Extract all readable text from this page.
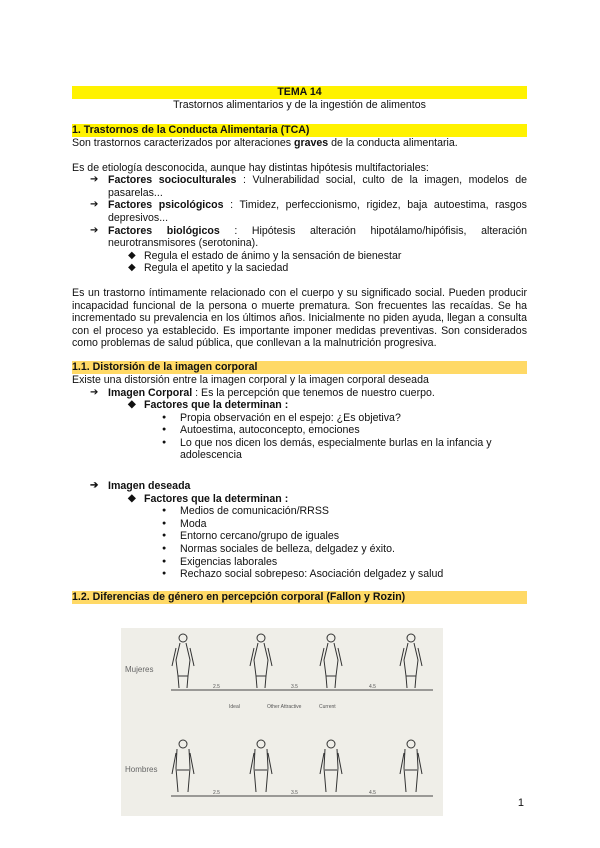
TEMA 14
Trastornos alimentarios y de la ingestión de alimentos
1. Trastornos de la Conducta Alimentaria (TCA)

Son trastornos caracterizados por alteraciones graves de la conducta alimentaria.

Es de etiología desconocida, aunque hay distintas hipótesis multifactoriales:

➔ Factores socioculturales : Vulnerabilidad social, culto de la imagen, modelos de pasarelas...
➔ Factores psicológicos : Timidez, perfeccionismo, rigidez, baja autoestima, rasgos depresivos...
➔ Factores biológicos : Hipótesis alteración hipotálamo/hipófisis, alteración neurotransmisores (serotonina).
◆ Regula el estado de ánimo y la sensación de bienestar
◆ Regula el apetito y la saciedad

Es un trastorno íntimamente relacionado con el cuerpo y su significado social. Pueden producir incapacidad funcional de la persona o muerte prematura. Son frecuentes las recaídas. Se ha incrementado su prevalencia en los últimos años. Inicialmente no piden ayuda, llegan a consulta con el proceso ya establecido. Es importante imponer medidas preventivas. Son considerados como problemas de salud pública, que conllevan a la malnutrición progresiva.

1.1. Distorsión de la imagen corporal

Existe una distorsión entre la imagen corporal y la imagen corporal deseada

➔ Imagen Corporal : Es la percepción que tenemos de nuestro cuerpo.
◆ Factores que la determinan :
● Propia observación en el espejo: ¿Es objetiva?
● Autoestima, autoconcepto, emociones
● Lo que nos dicen los demás, especialmente burlas en la infancia y adolescencia
➔ Imagen deseada
◆ Factores que la determinan :
● Medios de comunicación/RRSS
● Moda
● Entorno cercano/grupo de iguales
● Normas sociales de belleza, delgadez y éxito.
● Exigencias laborales
● Rechazo social sobrepeso: Asociación delgadez y salud
1.2. Diferencias de género en percepción corporal (Fallon y Rozin)
Mujeres
2.5	3.5	4.5
Ideal	Other Attractive	Current
Hombres
2.5	3.5	4.5
1
